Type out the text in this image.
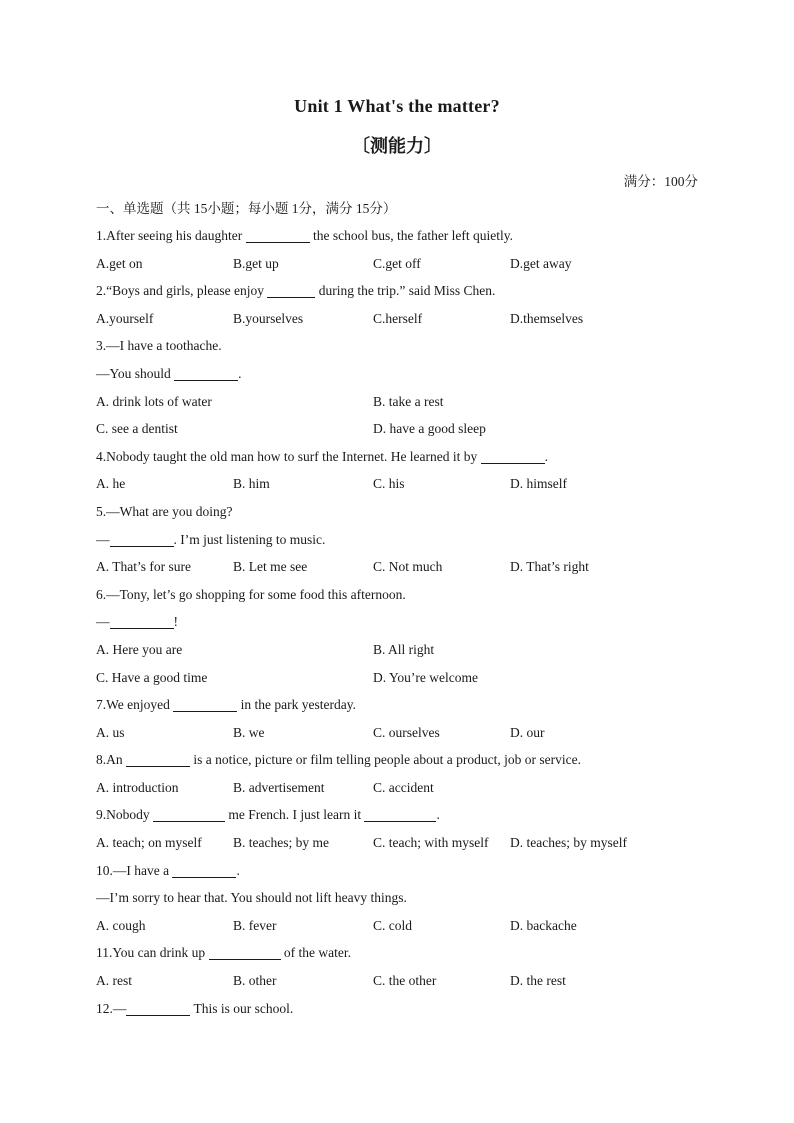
Unit 1 What's the matter?
〔测能力〕
满分：100分
一、单选题（共 15小题；每小题 1分，满分 15分）
1.After seeing his daughter	the school bus, the father left quietly.
A.get on	B.get up	C.get off	D.get away
2.“Boys and girls, please enjoy	during the trip.” said Miss Chen.
A.yourself	B.yourselves	C.herself	D.themselves
3.—I have a toothache.
—You should	.
A. drink lots of water	B. take a rest
C. see a dentist	D. have a good sleep
4.Nobody taught the old man how to surf the Internet. He learned it by	.
A. he	B. him	C. his	D. himself
5.—What are you doing?
—	. I’m just listening to music.
A. That’s for sure	B. Let me see	C. Not much	D. That’s right
6.—Tony, let’s go shopping for some food this afternoon.
—	!
A. Here you are	B. All right
C. Have a good time	D. You’re welcome
7.We enjoyed	in the park yesterday.
A. us	B. we	C. ourselves	D. our
8.An	is a notice, picture or film telling people about a product, job or service.
A. introduction	B. advertisement	C. accident
9.Nobody	me French. I just learn it	.
A. teach; on myself B. teaches; by me	C. teach; with myself D. teaches; by myself
10.—I have a	.
—I’m sorry to hear that. You should not lift heavy things.
A. cough	B. fever	C. cold	D. backache
11.You can drink up	of the water.
A. rest	B. other	C. the other	D. the rest
12.—	This is our school.
